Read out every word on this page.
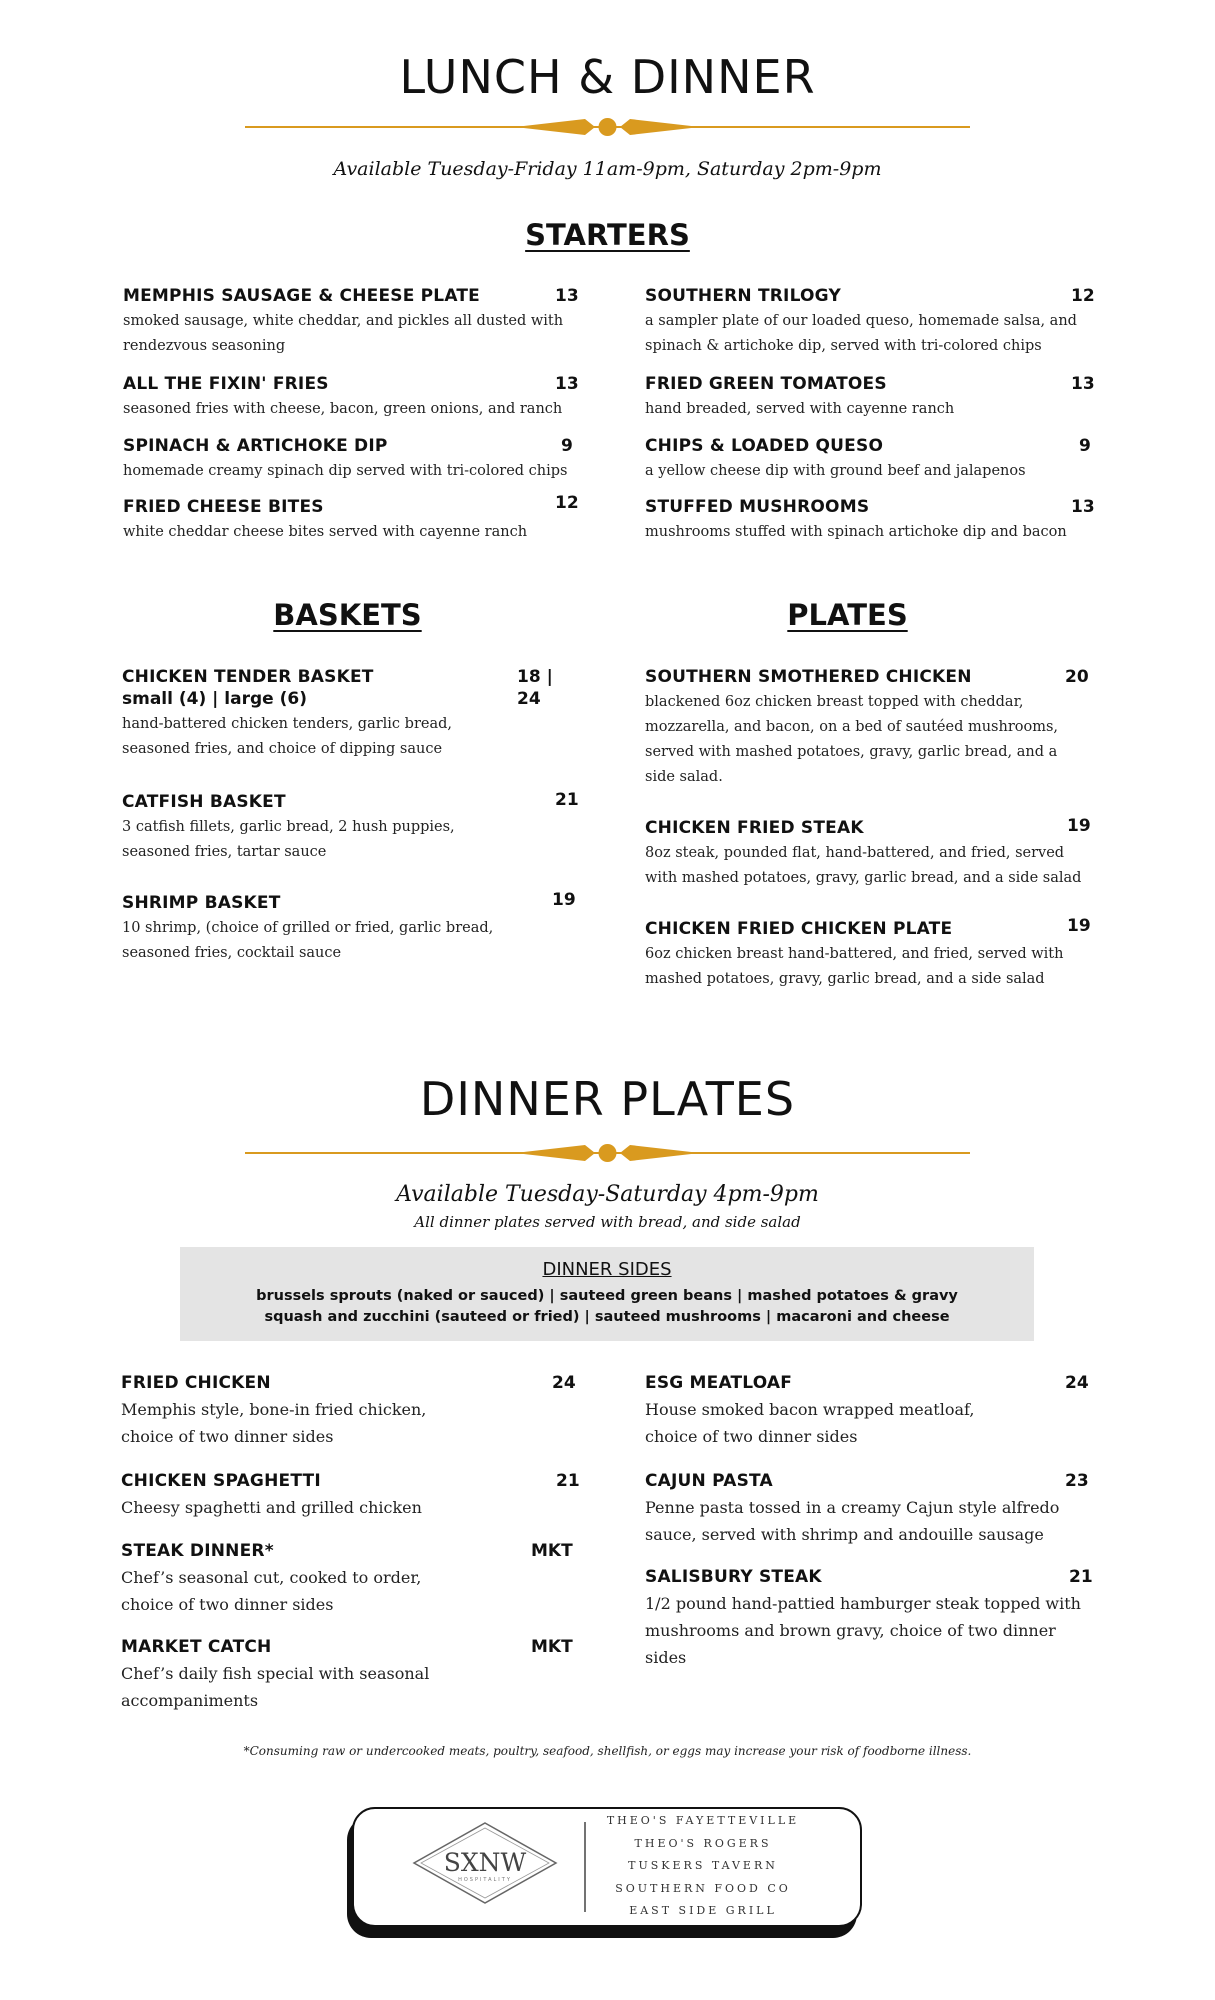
LUNCH & DINNER
Available Tuesday-Friday 11am-9pm, Saturday 2pm-9pm
STARTERS
MEMPHIS SAUSAGE & CHEESE PLATE	13
smoked sausage, white cheddar, and pickles all dusted with
rendezvous seasoning
ALL THE FIXIN' FRIES	13
seasoned fries with cheese, bacon, green onions, and ranch
SPINACH & ARTICHOKE DIP	9
homemade creamy spinach dip served with tri-colored chips
FRIED CHEESE BITES	12
white cheddar cheese bites served with cayenne ranch
SOUTHERN TRILOGY	12
a sampler plate of our loaded queso, homemade salsa, and
spinach & artichoke dip, served with tri-colored chips
FRIED GREEN TOMATOES	13
hand breaded, served with cayenne ranch
CHIPS & LOADED QUESO	9
a yellow cheese dip with ground beef and jalapenos
STUFFED MUSHROOMS	13
mushrooms stuffed with spinach artichoke dip and bacon
BASKETS
CHICKEN TENDER BASKET	18 | 24
small (4) | large (6)
hand-battered chicken tenders, garlic bread,
seasoned fries, and choice of dipping sauce
CATFISH BASKET	21
3 catfish fillets, garlic bread, 2 hush puppies,
seasoned fries, tartar sauce
SHRIMP BASKET	19
10 shrimp, (choice of grilled or fried, garlic bread,
seasoned fries, cocktail sauce
PLATES
SOUTHERN SMOTHERED CHICKEN	20
blackened 6oz chicken breast topped with cheddar,
mozzarella, and bacon, on a bed of sautéed mushrooms,
served with mashed potatoes, gravy, garlic bread, and a
side salad.
CHICKEN FRIED STEAK	19
8oz steak, pounded flat, hand-battered, and fried, served
with mashed potatoes, gravy, garlic bread, and a side salad
CHICKEN FRIED CHICKEN PLATE	19
6oz chicken breast hand-battered, and fried, served with
mashed potatoes, gravy, garlic bread, and a side salad
DINNER PLATES
Available Tuesday-Saturday 4pm-9pm
All dinner plates served with bread, and side salad
DINNER SIDES
brussels sprouts (naked or sauced) | sauteed green beans | mashed potatoes & gravy
squash and zucchini (sauteed or fried) | sauteed mushrooms | macaroni and cheese
FRIED CHICKEN	24
Memphis style, bone-in fried chicken,
choice of two dinner sides
CHICKEN SPAGHETTI	21
Cheesy spaghetti and grilled chicken
STEAK DINNER*	MKT
Chef’s seasonal cut, cooked to order,
choice of two dinner sides
MARKET CATCH	MKT
Chef’s daily fish special with seasonal
accompaniments
ESG MEATLOAF	24
House smoked bacon wrapped meatloaf,
choice of two dinner sides
CAJUN PASTA	23
Penne pasta tossed in a creamy Cajun style alfredo
sauce, served with shrimp and andouille sausage
SALISBURY STEAK	21
1/2 pound hand-pattied hamburger steak topped with
mushrooms and brown gravy, choice of two dinner
sides
*Consuming raw or undercooked meats, poultry, seafood, shellfish, or eggs may increase your risk of foodborne illness.
SXNW
HOSPITALITY
THEO'S FAYETTEVILLE
THEO'S ROGERS
TUSKERS TAVERN
SOUTHERN FOOD CO
EAST SIDE GRILL
